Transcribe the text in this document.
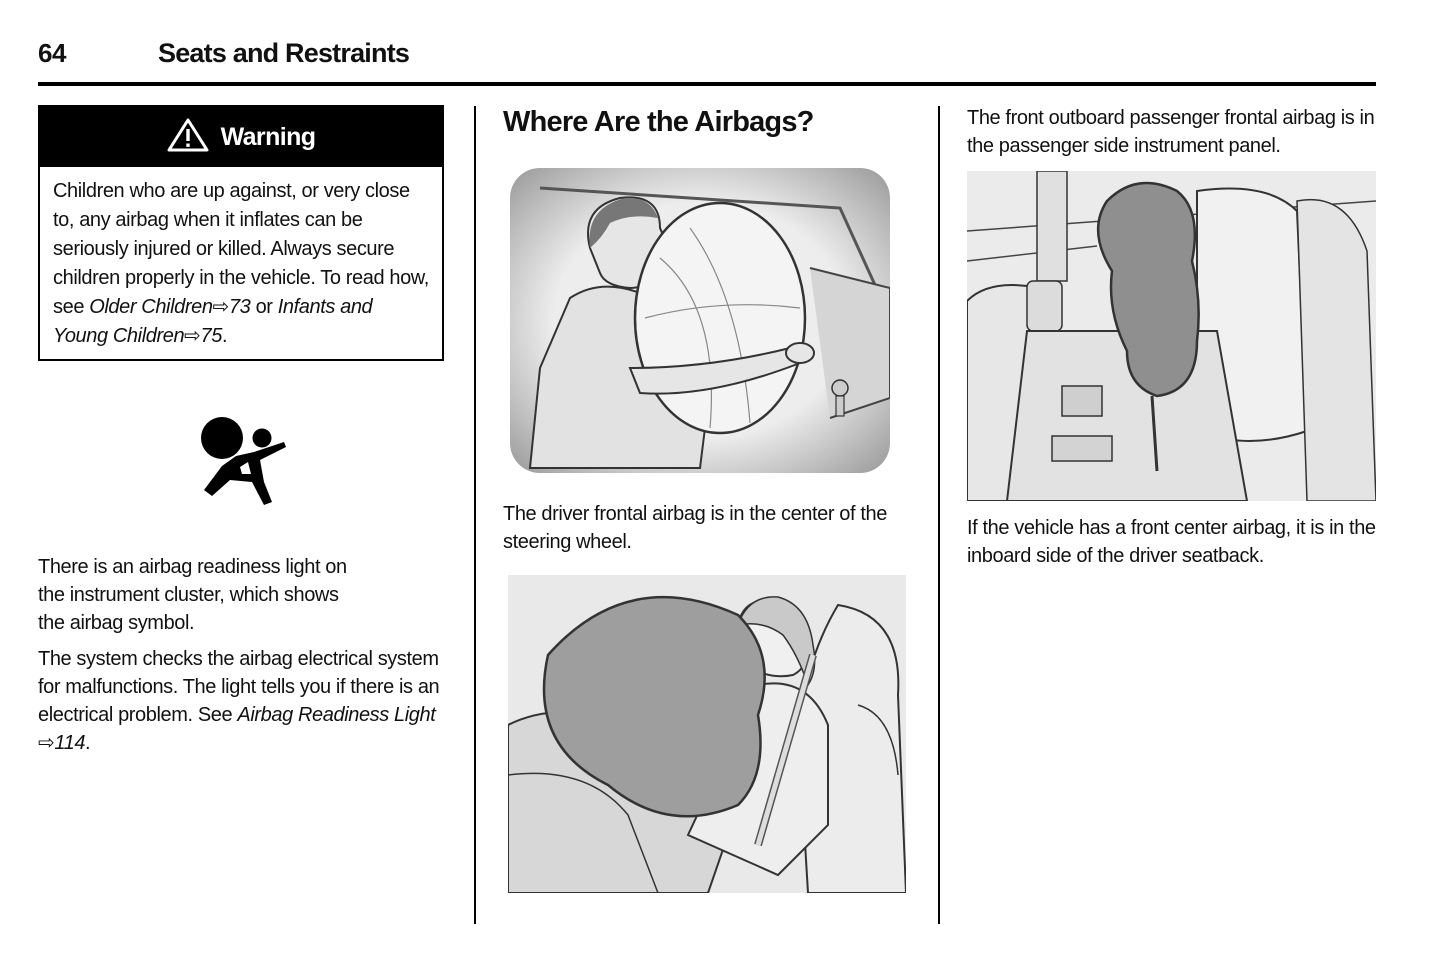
64	Seats and Restraints
Warning
Children who are up against, or very close to, any airbag when it inflates can be seriously injured or killed. Always secure children properly in the vehicle. To read how, see Older Children⇨73 or Infants and Young Children⇨75.
There is an airbag readiness light on the instrument cluster, which shows the airbag symbol.
The system checks the airbag electrical system for malfunctions. The light tells you if there is an electrical problem. See Airbag Readiness Light⇨114.
Where Are the Airbags?
The driver frontal airbag is in the center of the steering wheel.
The front outboard passenger frontal airbag is in the passenger side instrument panel.
If the vehicle has a front center airbag, it is in the inboard side of the driver seatback.
